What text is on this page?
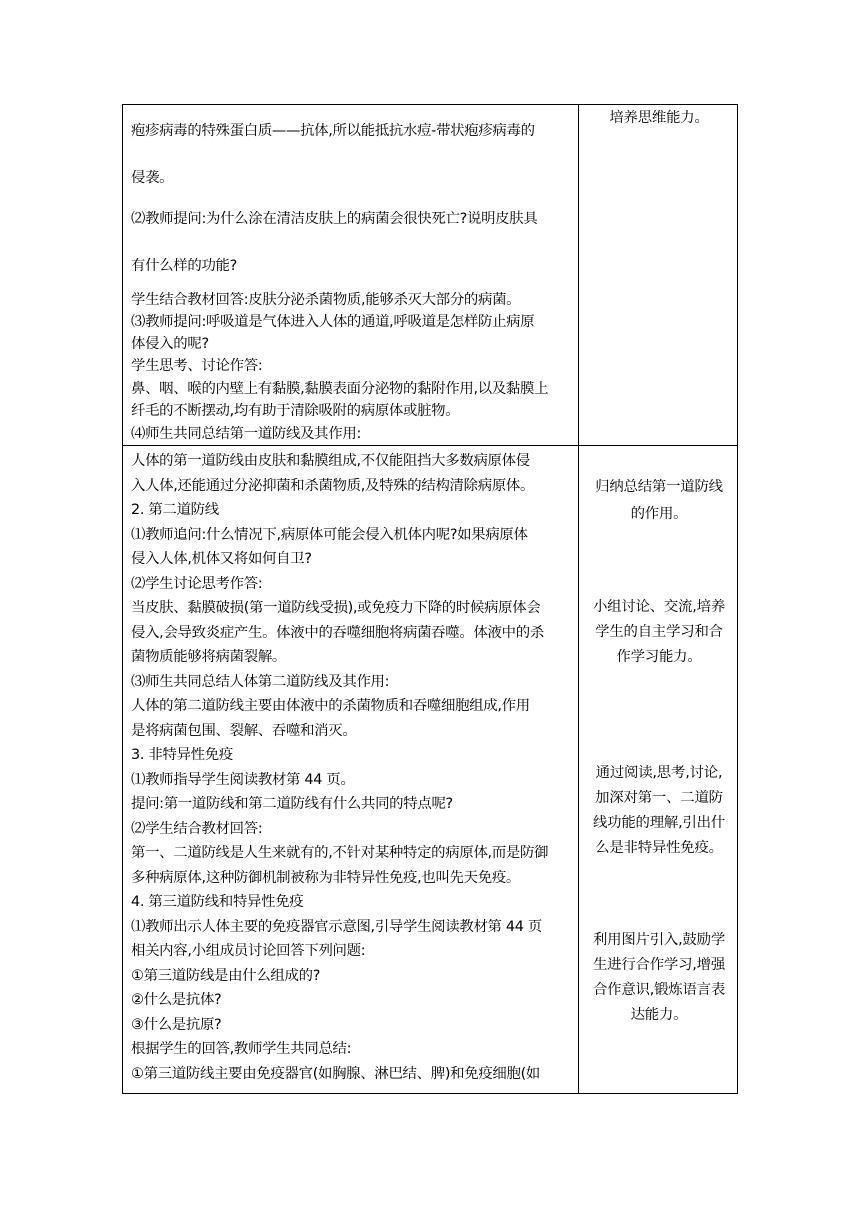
疱疹病毒的特殊蛋白质——抗体,所以能抵抗水痘-带状疱疹病毒的
侵袭。
⑵教师提问:为什么涂在清洁皮肤上的病菌会很快死亡?说明皮肤具
有什么样的功能?
学生结合教材回答:皮肤分泌杀菌物质,能够杀灭大部分的病菌。
⑶教师提问:呼吸道是气体进入人体的通道,呼吸道是怎样防止病原
体侵入的呢?
学生思考、讨论作答:
鼻、咽、喉的内壁上有黏膜,黏膜表面分泌物的黏附作用,以及黏膜上
纤毛的不断摆动,均有助于清除吸附的病原体或脏物。
⑷师生共同总结第一道防线及其作用:
人体的第一道防线由皮肤和黏膜组成,不仅能阻挡大多数病原体侵
入人体,还能通过分泌抑菌和杀菌物质,及特殊的结构清除病原体。
2. 第二道防线
⑴教师追问:什么情况下,病原体可能会侵入机体内呢?如果病原体
侵入人体,机体又将如何自卫?
⑵学生讨论思考作答:
当皮肤、黏膜破损(第一道防线受损),或免疫力下降的时候病原体会
侵入,会导致炎症产生。体液中的吞噬细胞将病菌吞噬。体液中的杀
菌物质能够将病菌裂解。
⑶师生共同总结人体第二道防线及其作用:
人体的第二道防线主要由体液中的杀菌物质和吞噬细胞组成,作用
是将病菌包围、裂解、吞噬和消灭。
3. 非特异性免疫
⑴教师指导学生阅读教材第 44 页。
提问:第一道防线和第二道防线有什么共同的特点呢?
⑵学生结合教材回答:
第一、二道防线是人生来就有的,不针对某种特定的病原体,而是防御
多种病原体,这种防御机制被称为非特异性免疫,也叫先天免疫。
4. 第三道防线和特异性免疫
⑴教师出示人体主要的免疫器官示意图,引导学生阅读教材第 44 页
相关内容,小组成员讨论回答下列问题:
①第三道防线是由什么组成的?
②什么是抗体?
③什么是抗原?
根据学生的回答,教师学生共同总结:
①第三道防线主要由免疫器官(如胸腺、淋巴结、脾)和免疫细胞(如
培养思维能力。
归纳总结第一道防线
的作用。
小组讨论、交流,培养
学生的自主学习和合
作学习能力。
通过阅读,思考,讨论,
加深对第一、二道防
线功能的理解,引出什
么是非特异性免疫。
利用图片引入,鼓励学
生进行合作学习,增强
合作意识,锻炼语言表
达能力。
